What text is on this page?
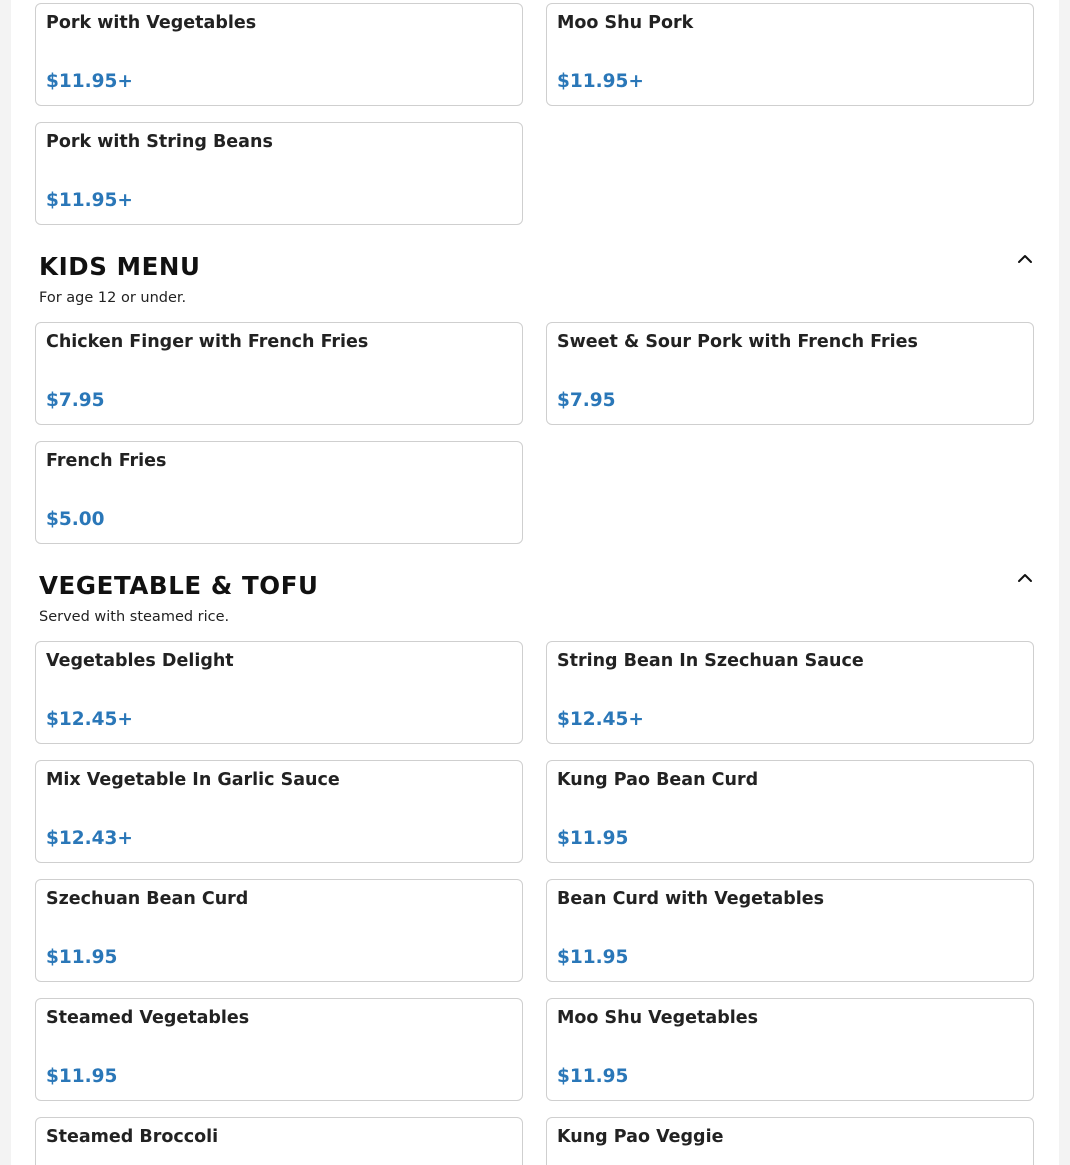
Pork with Vegetables
$11.95+
Moo Shu Pork
$11.95+
Pork with String Beans
$11.95+
KIDS MENU
For age 12 or under.
Chicken Finger with French Fries
$7.95
Sweet & Sour Pork with French Fries
$7.95
French Fries
$5.00
VEGETABLE & TOFU
Served with steamed rice.
Vegetables Delight
$12.45+
String Bean In Szechuan Sauce
$12.45+
Mix Vegetable In Garlic Sauce
$12.43+
Kung Pao Bean Curd
$11.95
Szechuan Bean Curd
$11.95
Bean Curd with Vegetables
$11.95
Steamed Vegetables
$11.95
Moo Shu Vegetables
$11.95
Steamed Broccoli	Kung Pao Veggie
